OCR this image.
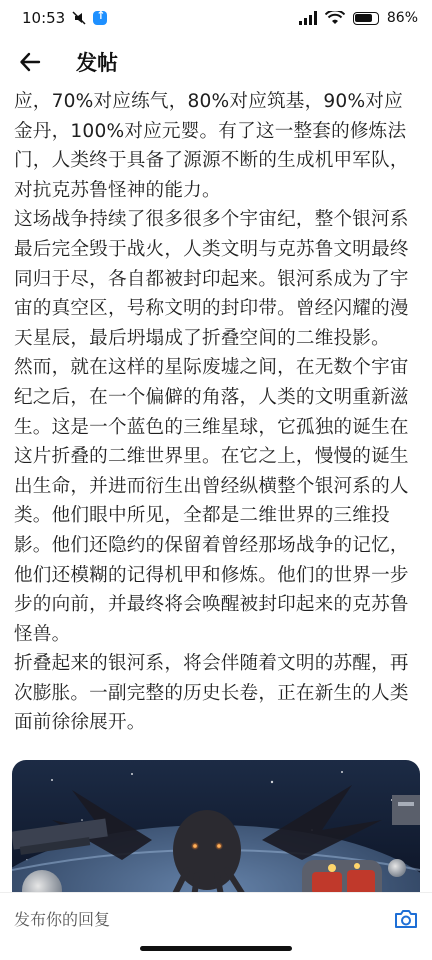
10:53
↑	86%
发帖

应，70%对应练气，80%对应筑基，90%对应金丹，100%对应元婴。有了这一整套的修炼法门，人类终于具备了源源不断的生成机甲军队，对抗克苏鲁怪神的能力。

这场战争持续了很多很多个宇宙纪，整个银河系最后完全毁于战火，人类文明与克苏鲁文明最终同归于尽，各自都被封印起来。银河系成为了宇宙的真空区，号称文明的封印带。曾经闪耀的漫天星辰，最后坍塌成了折叠空间的二维投影。

然而，就在这样的星际废墟之间，在无数个宇宙纪之后，在一个偏僻的角落，人类的文明重新滋生。这是一个蓝色的三维星球，它孤独的诞生在这片折叠的二维世界里。在它之上，慢慢的诞生出生命，并进而衍生出曾经纵横整个银河系的人类。他们眼中所见，全都是二维世界的三维投影。他们还隐约的保留着曾经那场战争的记忆，他们还模糊的记得机甲和修炼。他们的世界一步步的向前，并最终将会唤醒被封印起来的克苏鲁怪兽。

折叠起来的银河系，将会伴随着文明的苏醒，再次膨胀。一副完整的历史长卷，正在新生的人类面前徐徐展开。

发布你的回复
